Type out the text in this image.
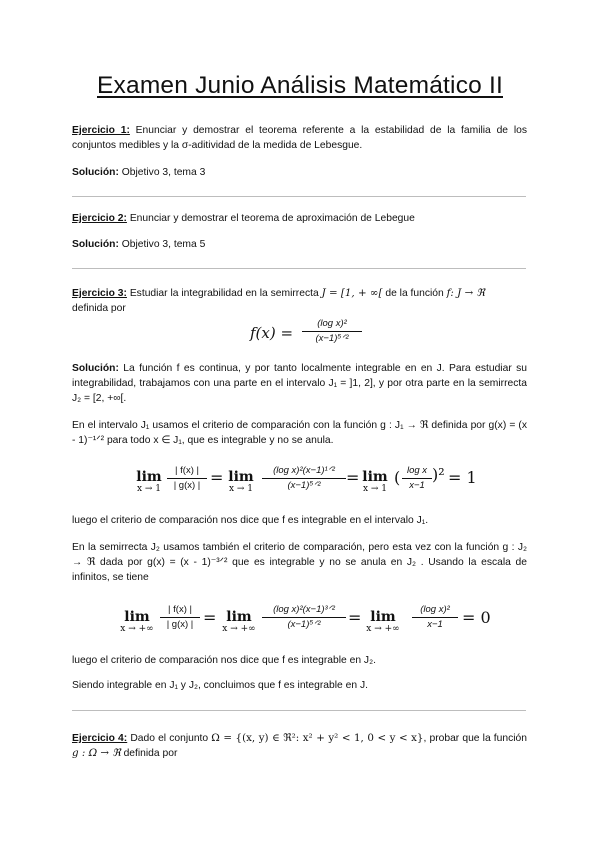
Examen Junio Análisis Matemático II
Ejercicio 1: Enunciar y demostrar el teorema referente a la estabilidad de la familia de los conjuntos medibles y la σ-aditividad de la medida de Lebesgue.
Solución: Objetivo 3, tema 3
Ejercicio 2: Enunciar y demostrar el teorema de aproximación de Lebegue
Solución: Objetivo 3, tema 5
Ejercicio 3: Estudiar la integrabilidad en la semirrecta J = [1, + ∞[ de la función f: J → ℜ
definida por
f(x) =
(log x)²
(x−1)⁵ᐟ²
Solución: La función f es continua, y por tanto localmente integrable en en J. Para estudiar su integrabilidad, trabajamos con una parte en el intervalo J₁ = ]1, 2], y por otra parte en la semirrecta J₂ = [2, +∞[.
En el intervalo J₁ usamos el criterio de comparación con la función g : J₁ → ℜ definida por g(x) = (x - 1)⁻¹ᐟ² para todo x ∈ J₁, que es integrable y no se anula.
lim
x → 1
| f(x) |
| g(x) | = lim
x → 1
(log x)²(x−1)¹ᐟ²
(x−1)⁵ᐟ²	= lim
x → 1
( log x
x−1
)² = 1
luego el criterio de comparación nos dice que f es integrable en el intervalo J₁.
En la semirrecta J₂ usamos también el criterio de comparación, pero esta vez con la función g : J₂ → ℜ dada por g(x) = (x - 1)⁻³ᐟ² que es integrable y no se anula en J₂ . Usando la escala de infinitos, se tiene
lim
x → +∞
| f(x) |
| g(x) | = lim
x → +∞
(log x)²(x−1)³ᐟ²
(x−1)⁵ᐟ²	= lim
x → +∞
(log x)²
x−1	= 0
luego el criterio de comparación nos dice que f es integrable en J₂.
Siendo integrable en J₁ y J₂, concluimos que f es integrable en J.
Ejercicio 4: Dado el conjunto Ω = {(x, y) ∈ ℜ²: x² + y² < 1, 0 < y < x}, probar que la función g : Ω → ℜ definida por
